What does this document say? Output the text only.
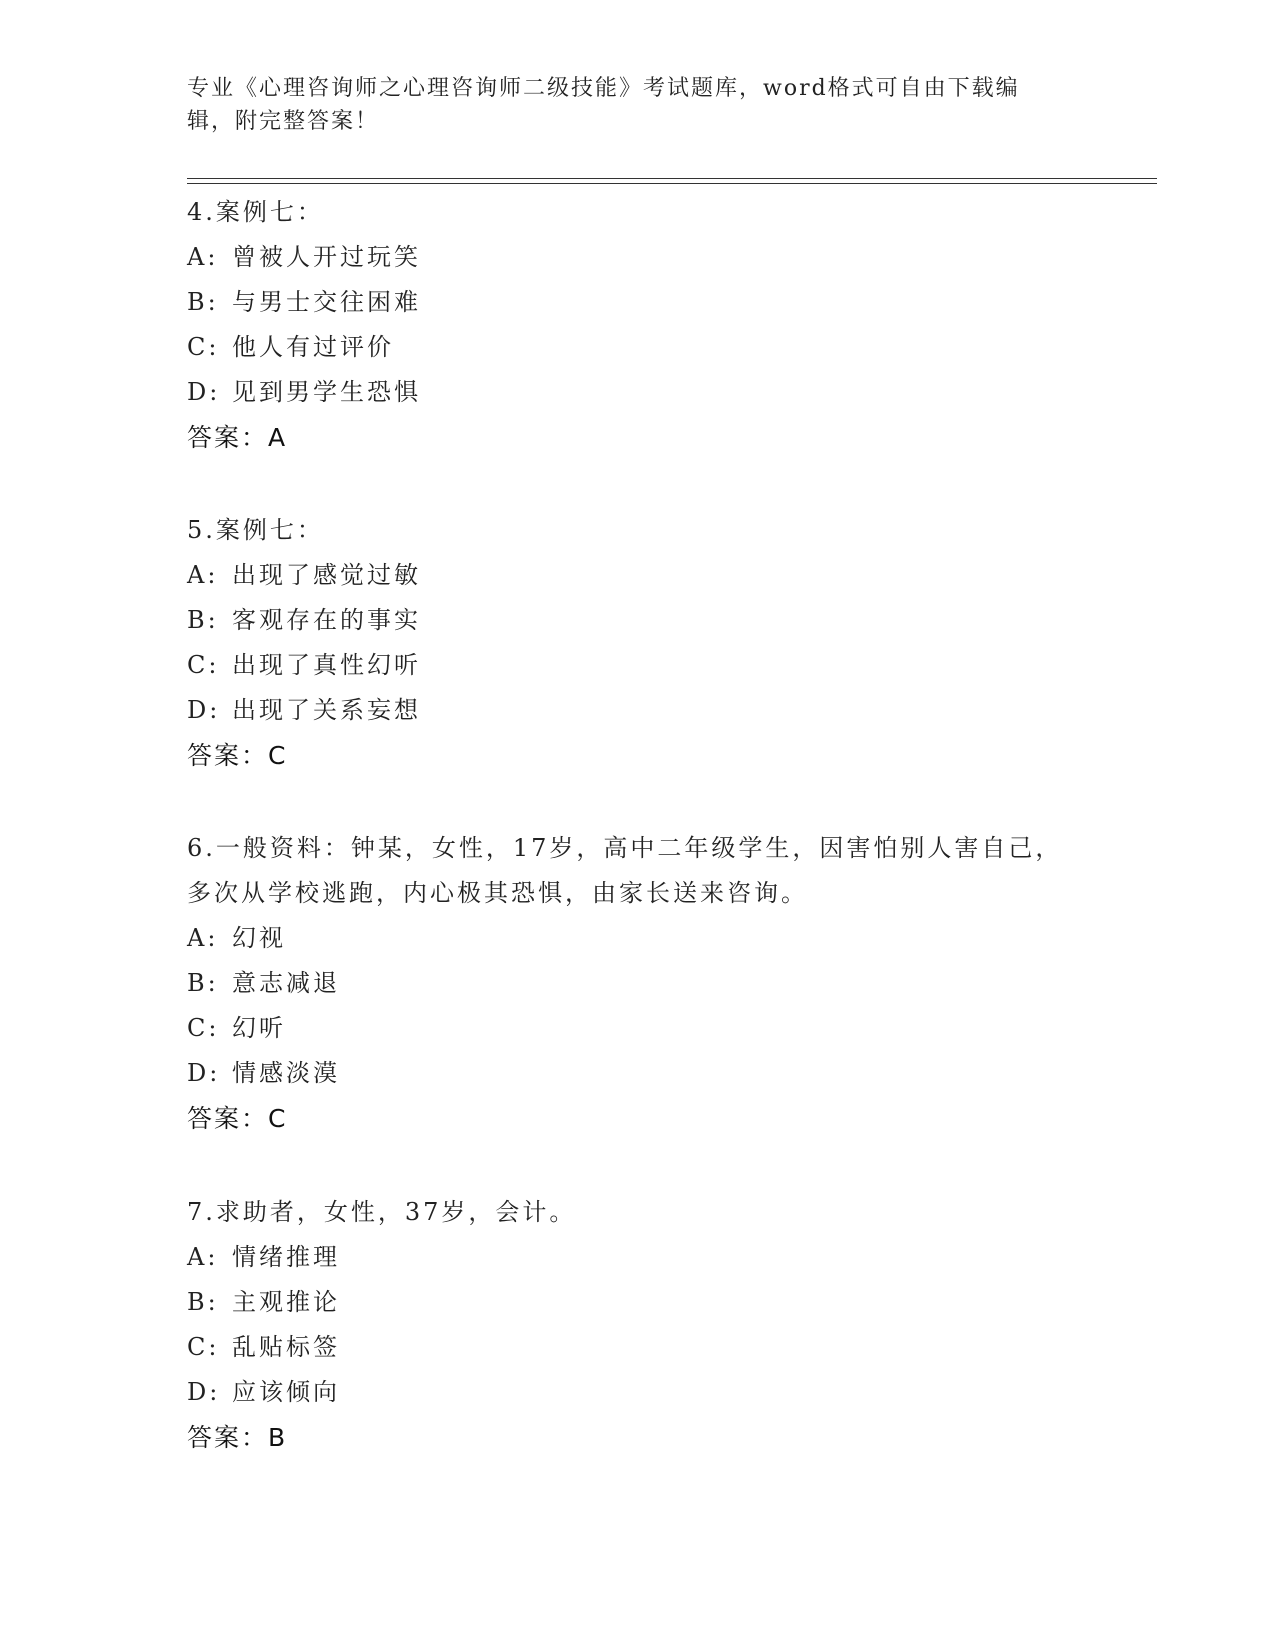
专业《心理咨询师之心理咨询师二级技能》考试题库，word格式可自由下载编辑，附完整答案！

4.案例七：

A: 曾被人开过玩笑

B: 与男士交往困难

C: 他人有过评价

D: 见到男学生恐惧

答案：A

5.案例七：

A: 出现了感觉过敏

B: 客观存在的事实

C: 出现了真性幻听

D: 出现了关系妄想

答案：C

6.一般资料：钟某，女性，17岁，高中二年级学生，因害怕别人害自己，多次从学校逃跑，内心极其恐惧，由家长送来咨询。

A: 幻视

B: 意志减退

C: 幻听

D: 情感淡漠

答案：C

7.求助者，女性，37岁，会计。

A: 情绪推理

B: 主观推论

C: 乱贴标签

D: 应该倾向

答案：B
